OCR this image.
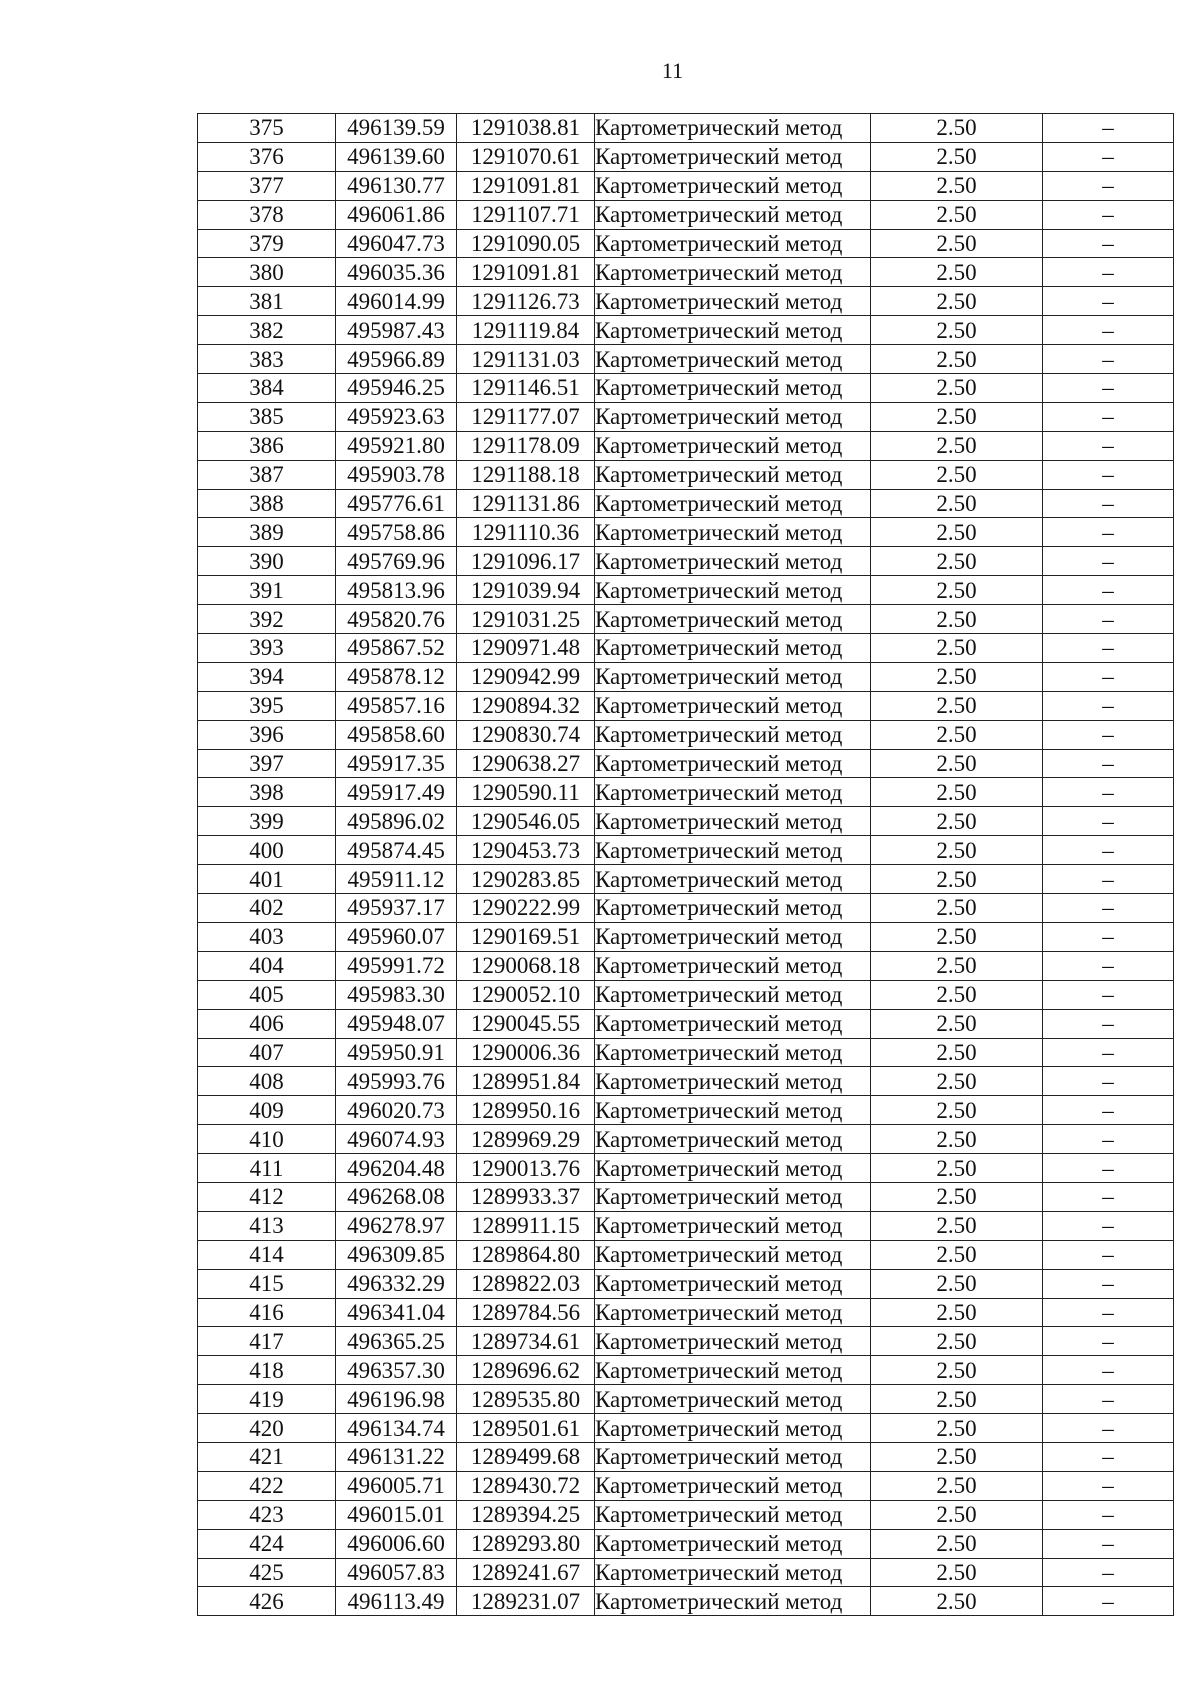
11
375	496139.59	1291038.81	Картометрический метод	2.50	–
376	496139.60	1291070.61	Картометрический метод	2.50	–
377	496130.77	1291091.81	Картометрический метод	2.50	–
378	496061.86	1291107.71	Картометрический метод	2.50	–
379	496047.73	1291090.05	Картометрический метод	2.50	–
380	496035.36	1291091.81	Картометрический метод	2.50	–
381	496014.99	1291126.73	Картометрический метод	2.50	–
382	495987.43	1291119.84	Картометрический метод	2.50	–
383	495966.89	1291131.03	Картометрический метод	2.50	–
384	495946.25	1291146.51	Картометрический метод	2.50	–
385	495923.63	1291177.07	Картометрический метод	2.50	–
386	495921.80	1291178.09	Картометрический метод	2.50	–
387	495903.78	1291188.18	Картометрический метод	2.50	–
388	495776.61	1291131.86	Картометрический метод	2.50	–
389	495758.86	1291110.36	Картометрический метод	2.50	–
390	495769.96	1291096.17	Картометрический метод	2.50	–
391	495813.96	1291039.94	Картометрический метод	2.50	–
392	495820.76	1291031.25	Картометрический метод	2.50	–
393	495867.52	1290971.48	Картометрический метод	2.50	–
394	495878.12	1290942.99	Картометрический метод	2.50	–
395	495857.16	1290894.32	Картометрический метод	2.50	–
396	495858.60	1290830.74	Картометрический метод	2.50	–
397	495917.35	1290638.27	Картометрический метод	2.50	–
398	495917.49	1290590.11	Картометрический метод	2.50	–
399	495896.02	1290546.05	Картометрический метод	2.50	–
400	495874.45	1290453.73	Картометрический метод	2.50	–
401	495911.12	1290283.85	Картометрический метод	2.50	–
402	495937.17	1290222.99	Картометрический метод	2.50	–
403	495960.07	1290169.51	Картометрический метод	2.50	–
404	495991.72	1290068.18	Картометрический метод	2.50	–
405	495983.30	1290052.10	Картометрический метод	2.50	–
406	495948.07	1290045.55	Картометрический метод	2.50	–
407	495950.91	1290006.36	Картометрический метод	2.50	–
408	495993.76	1289951.84	Картометрический метод	2.50	–
409	496020.73	1289950.16	Картометрический метод	2.50	–
410	496074.93	1289969.29	Картометрический метод	2.50	–
411	496204.48	1290013.76	Картометрический метод	2.50	–
412	496268.08	1289933.37	Картометрический метод	2.50	–
413	496278.97	1289911.15	Картометрический метод	2.50	–
414	496309.85	1289864.80	Картометрический метод	2.50	–
415	496332.29	1289822.03	Картометрический метод	2.50	–
416	496341.04	1289784.56	Картометрический метод	2.50	–
417	496365.25	1289734.61	Картометрический метод	2.50	–
418	496357.30	1289696.62	Картометрический метод	2.50	–
419	496196.98	1289535.80	Картометрический метод	2.50	–
420	496134.74	1289501.61	Картометрический метод	2.50	–
421	496131.22	1289499.68	Картометрический метод	2.50	–
422	496005.71	1289430.72	Картометрический метод	2.50	–
423	496015.01	1289394.25	Картометрический метод	2.50	–
424	496006.60	1289293.80	Картометрический метод	2.50	–
425	496057.83	1289241.67	Картометрический метод	2.50	–
426	496113.49	1289231.07	Картометрический метод	2.50	–
